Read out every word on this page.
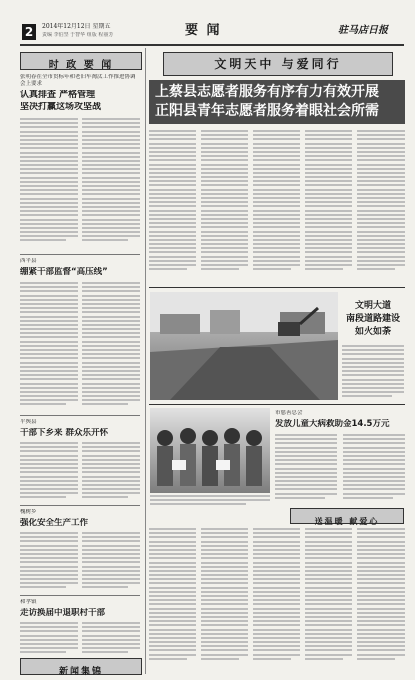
2	2014年12月12日 星期五
责编 李伯坚 于智华 组版 程丽芳	要 闻	驻马店日报
时 政 要 闻
张明春在全市贯标年和老旧车淘汰工作推进协调会上要求
认真排查 严格管理
坚决打赢这场攻坚战
西平县
绷紧干部监督“高压线”
平舆县
干部下乡来 群众乐开怀
槐树乡
强化安全生产工作
和孝镇
走访换届中退职村干部
新闻集锦
文明天中 与爱同行
上蔡县志愿者服务有序有力有效开展
正阳县青年志愿者服务着眼社会所需
文明大道
南段道路建设
如火如荼
市慈善总会
发放儿童大病救助金14.5万元
送温暖 献爱心
